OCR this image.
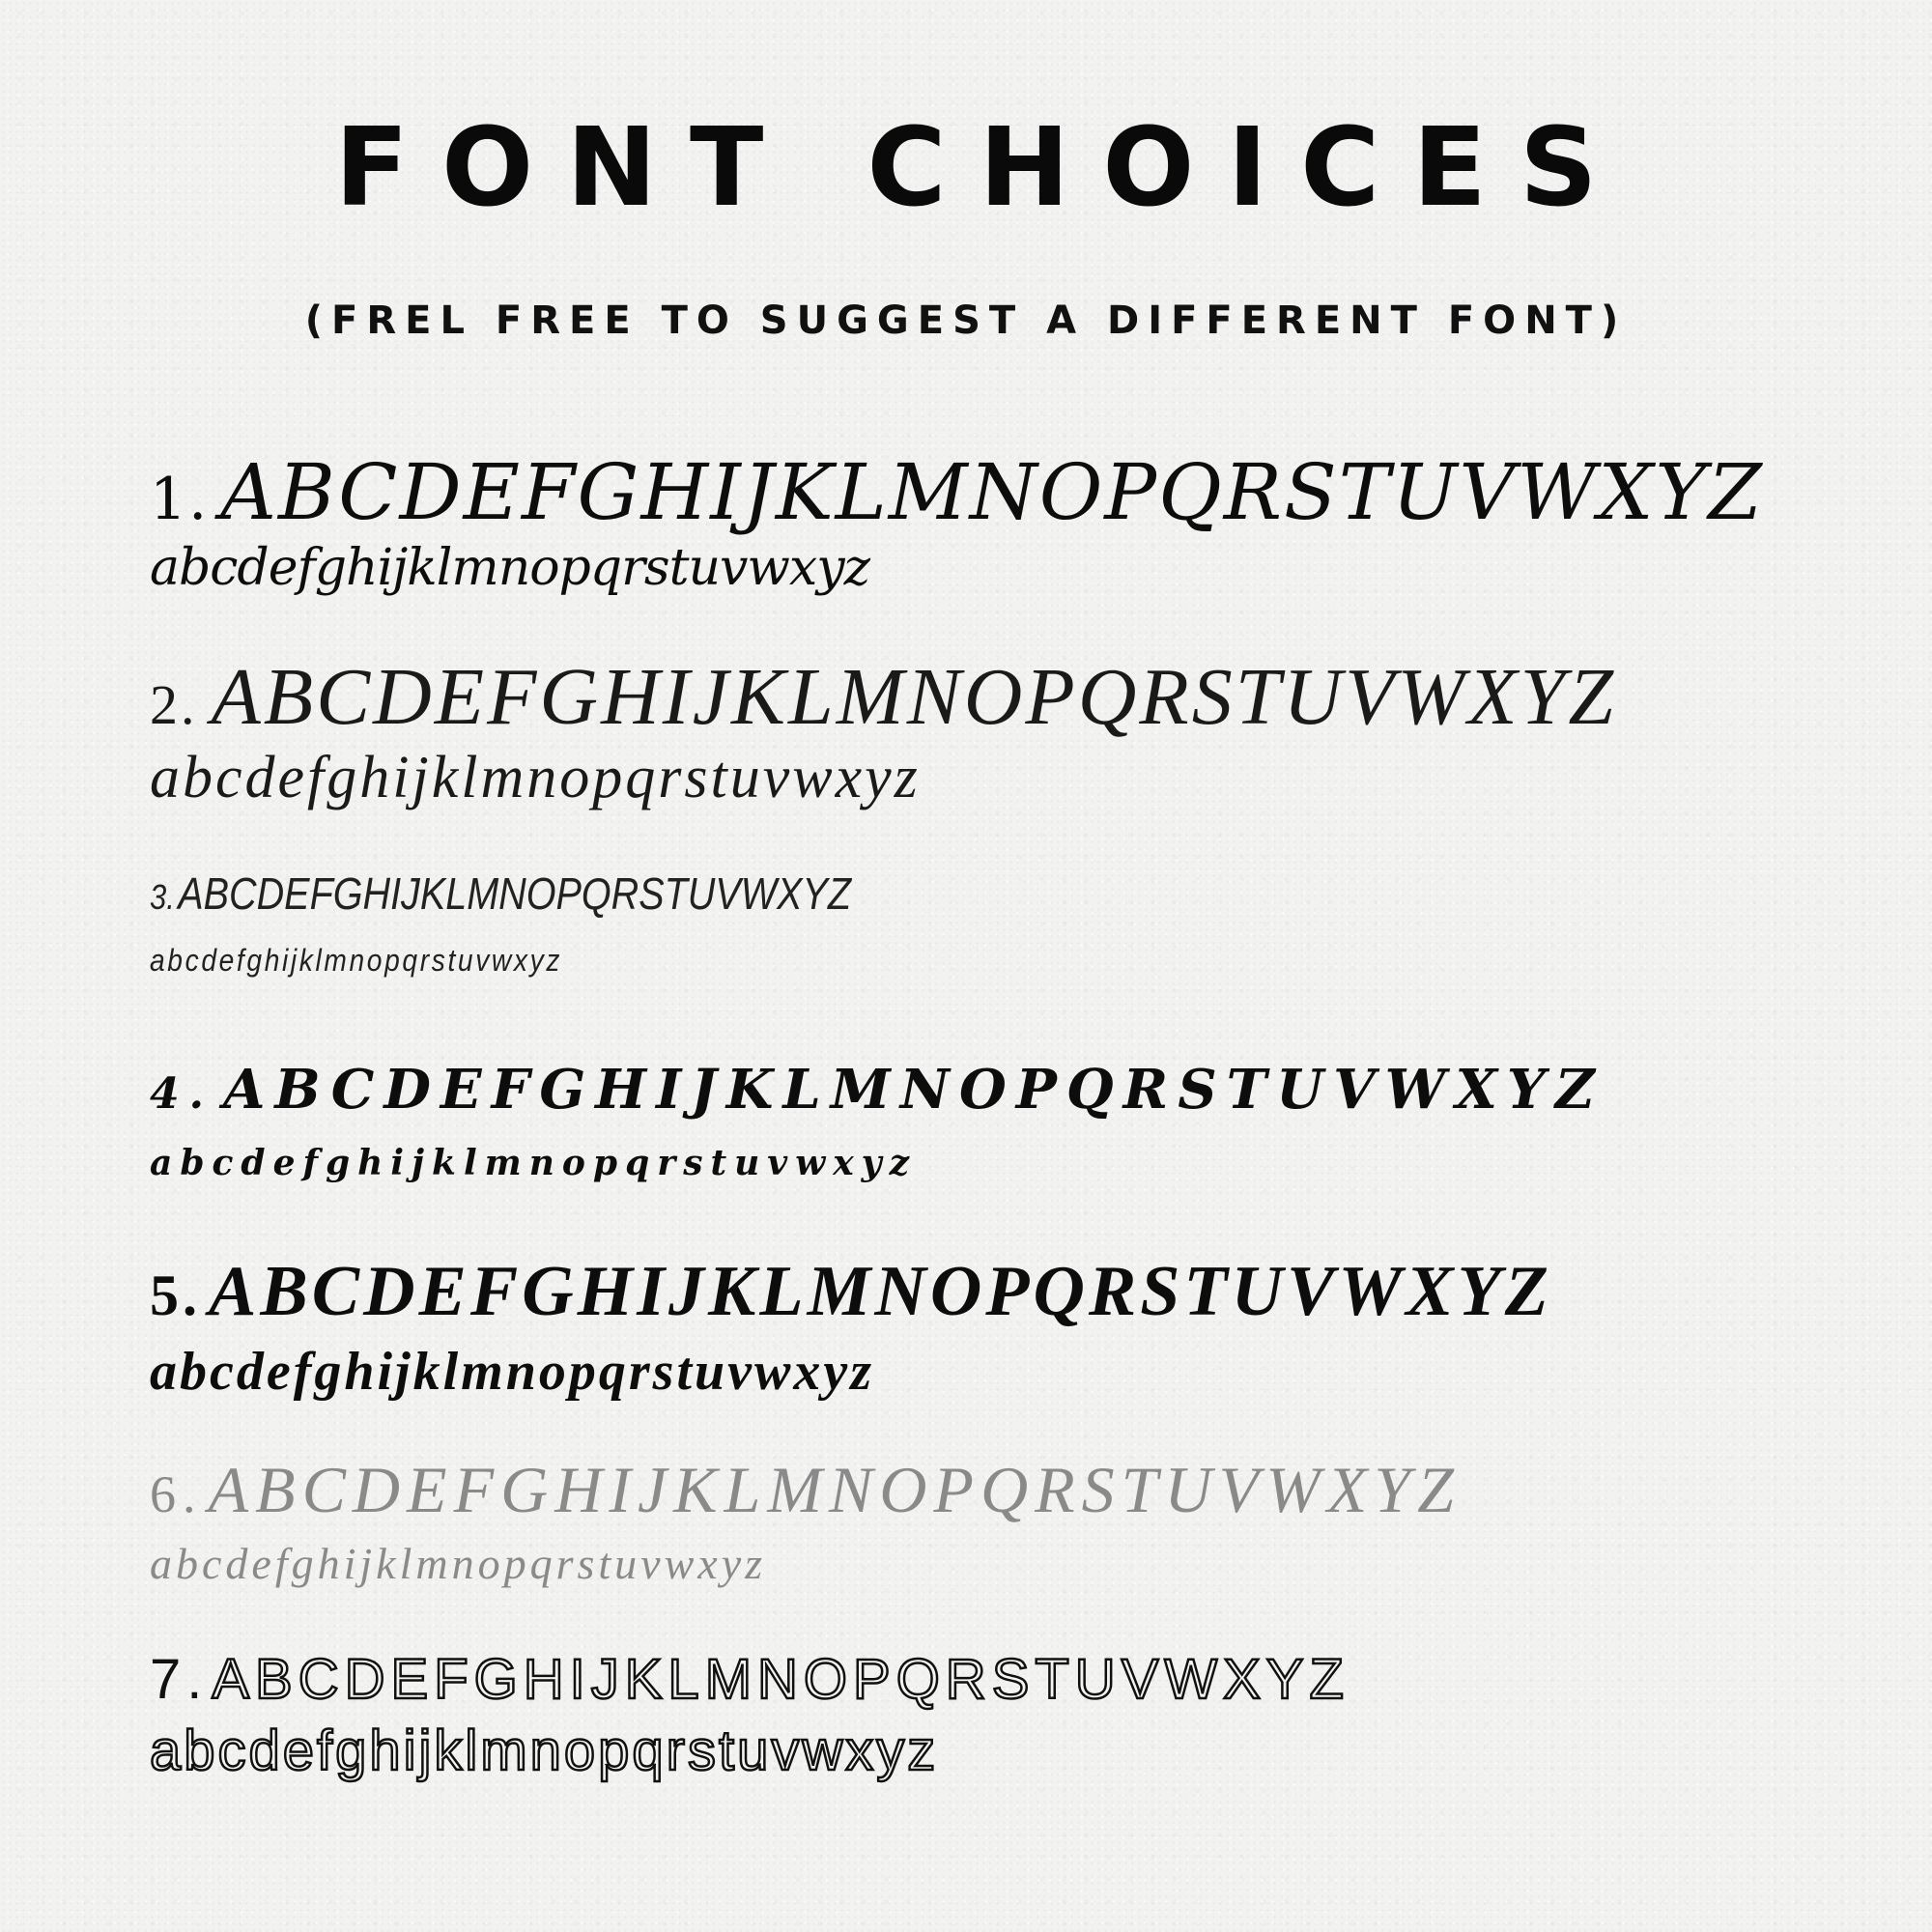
FONT CHOICES
(FREL FREE TO SUGGEST A DIFFERENT FONT)
1. ABCDEFGHIJKLMNOPQRSTUVWXYZ
abcdefghijklmnopqrstuvwxyz
2. ABCDEFGHIJKLMNOPQRSTUVWXYZ
abcdefghijklmnopqrstuvwxyz
3.ABCDEFGHIJKLMNOPQRSTUVWXYZ
abcdefghijklmnopqrstuvwxyz
4. ABCDEFGHIJKLMNOPQRSTUVWXYZ
abcdefghijklmnopqrstuvwxyz
5. ABCDEFGHIJKLMNOPQRSTUVWXYZ
abcdefghijklmnopqrstuvwxyz
6.ABCDEFGHIJKLMNOPQRSTUVWXYZ
abcdefghijklmnopqrstuvwxyz
7.ABCDEFGHIJKLMNOPQRSTUVWXYZ
abcdefghijklmnopqrstuvwxyz
